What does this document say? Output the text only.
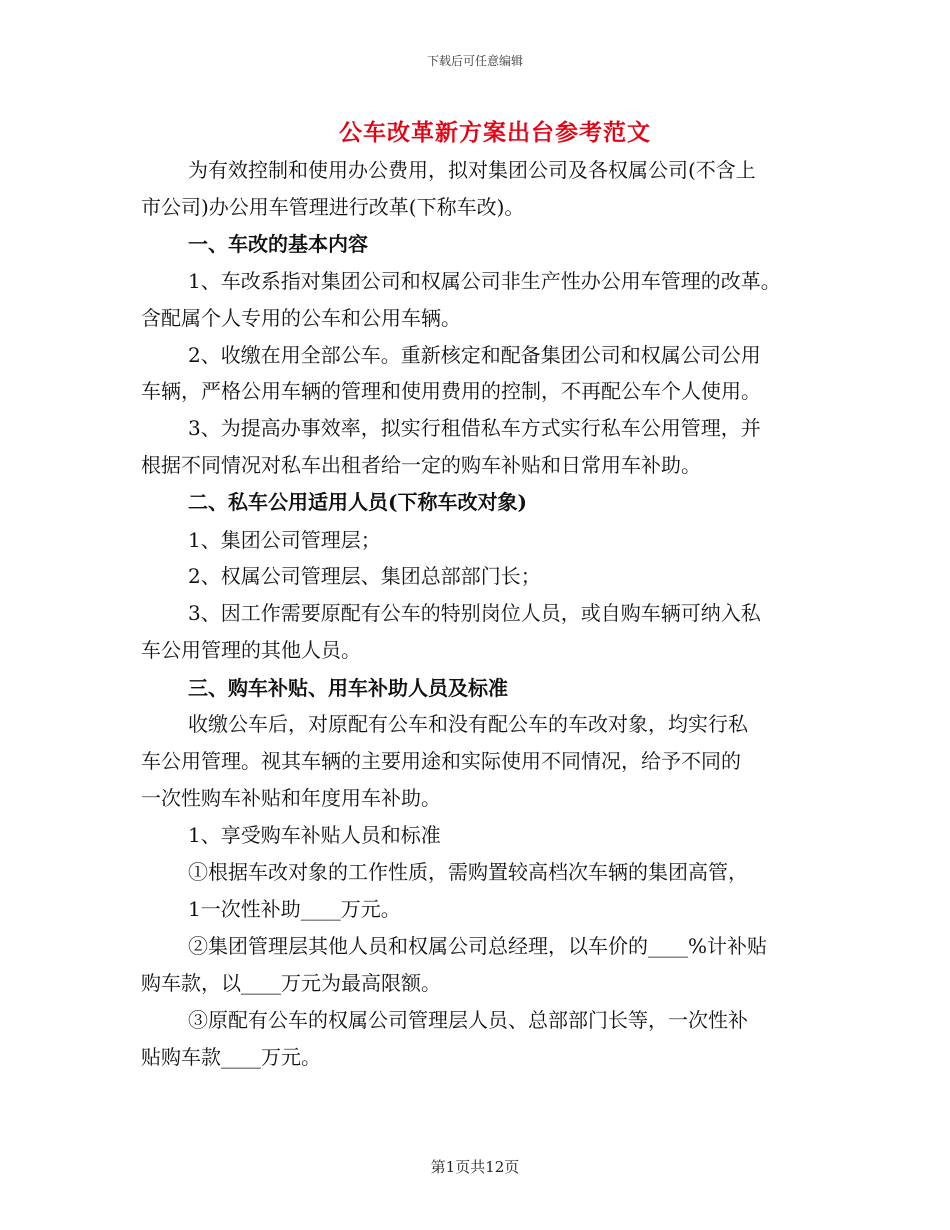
下载后可任意编辑
公车改革新方案出台参考范文
为有效控制和使用办公费用，拟对集团公司及各权属公司(不含上
市公司)办公用车管理进行改革(下称车改)。
一、车改的基本内容
1、车改系指对集团公司和权属公司非生产性办公用车管理的改革。
含配属个人专用的公车和公用车辆。
2、收缴在用全部公车。重新核定和配备集团公司和权属公司公用
车辆，严格公用车辆的管理和使用费用的控制，不再配公车个人使用。
3、为提高办事效率，拟实行租借私车方式实行私车公用管理，并
根据不同情况对私车出租者给一定的购车补贴和日常用车补助。
二、私车公用适用人员(下称车改对象)
1、集团公司管理层；
2、权属公司管理层、集团总部部门长；
3、因工作需要原配有公车的特别岗位人员，或自购车辆可纳入私
车公用管理的其他人员。
三、购车补贴、用车补助人员及标准
收缴公车后，对原配有公车和没有配公车的车改对象，均实行私
车公用管理。视其车辆的主要用途和实际使用不同情况，给予不同的
一次性购车补贴和年度用车补助。
1、享受购车补贴人员和标准
①根据车改对象的工作性质，需购置较高档次车辆的集团高管，
1一次性补助____万元。
②集团管理层其他人员和权属公司总经理，以车价的____%计补贴
购车款，以____万元为最高限额。
③原配有公车的权属公司管理层人员、总部部门长等，一次性补
贴购车款____万元。
第1页共12页
